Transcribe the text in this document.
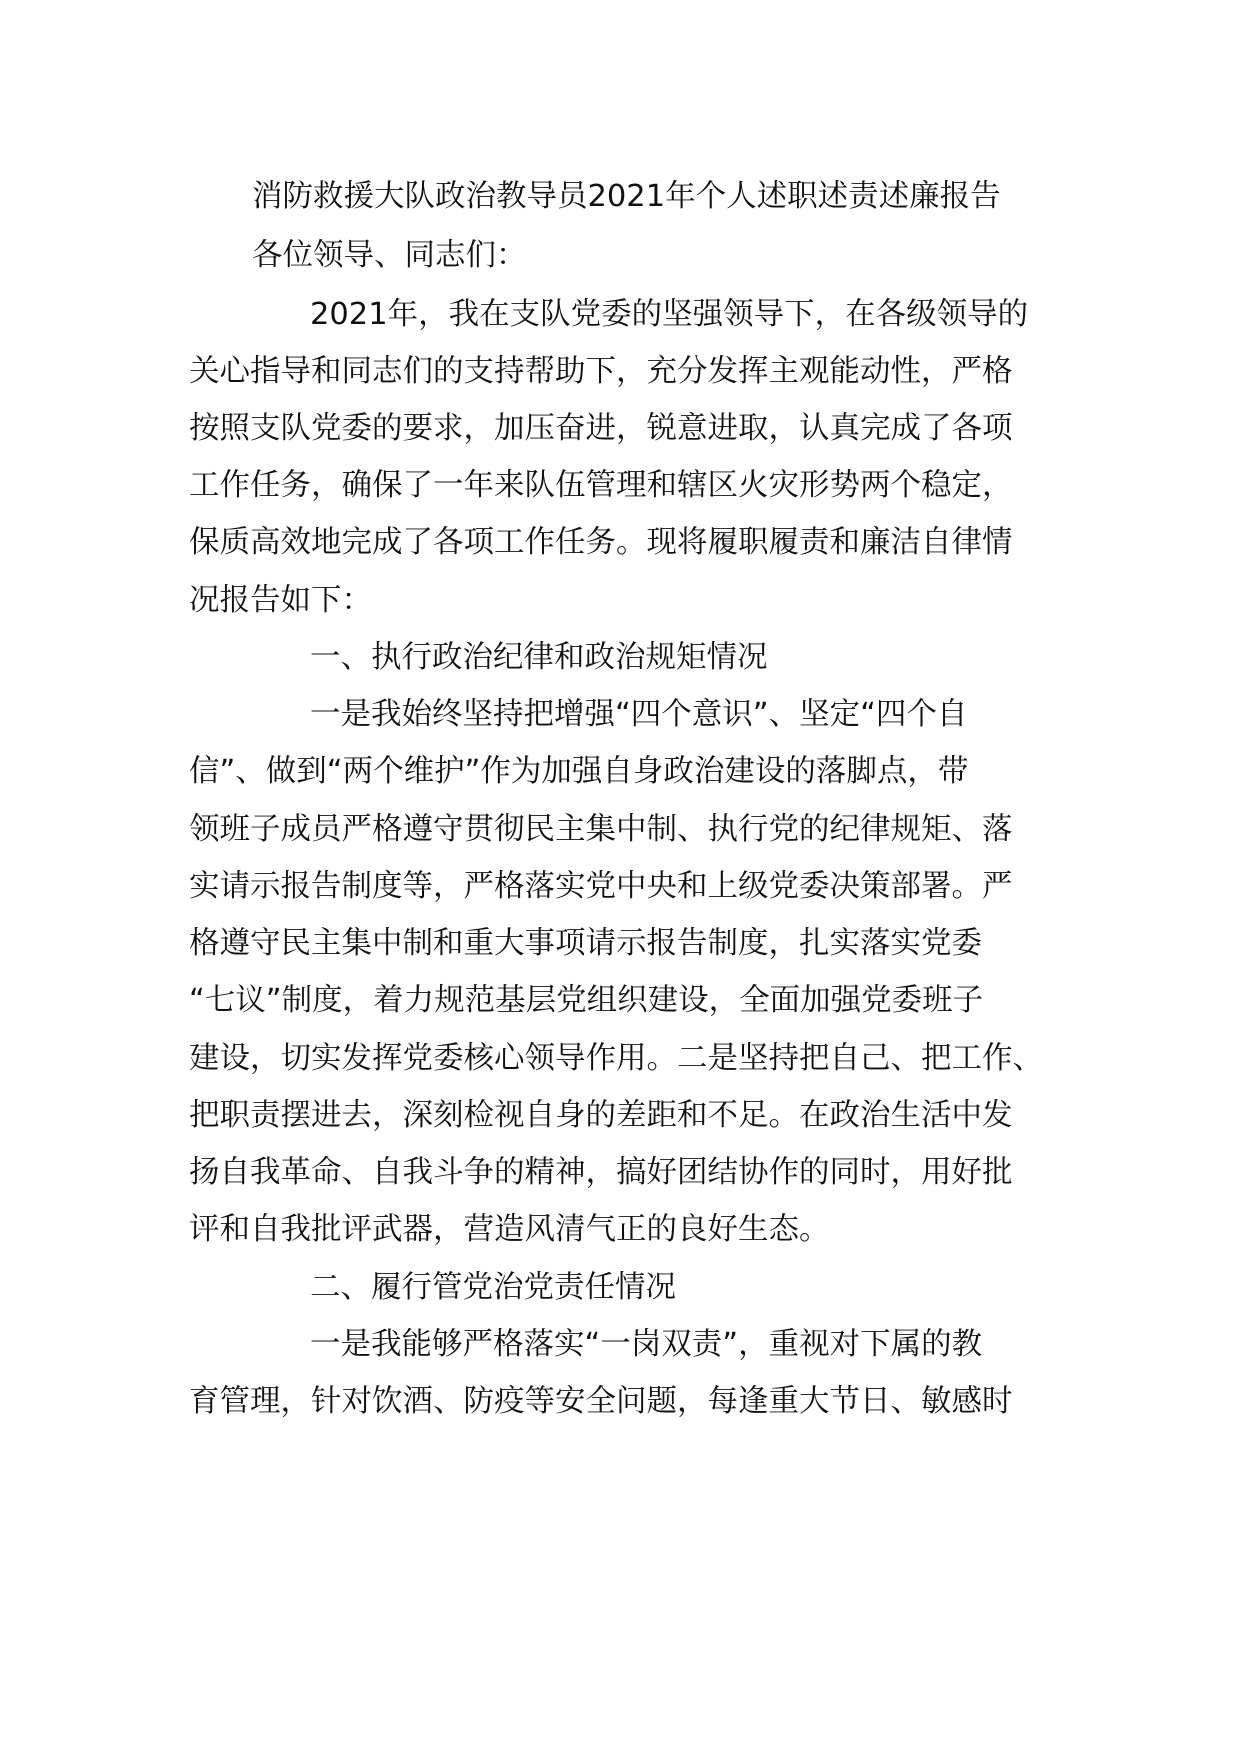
消防救援大队政治教导员2021年个人述职述责述廉报告
各位领导、同志们：
2021年，我在支队党委的坚强领导下，在各级领导的
关心指导和同志们的支持帮助下，充分发挥主观能动性，严格
按照支队党委的要求，加压奋进，锐意进取，认真完成了各项
工作任务，确保了一年来队伍管理和辖区火灾形势两个稳定，
保质高效地完成了各项工作任务。现将履职履责和廉洁自律情
况报告如下：
一、执行政治纪律和政治规矩情况
一是我始终坚持把增强“四个意识”、坚定“四个自
信”、做到“两个维护”作为加强自身政治建设的落脚点，带
领班子成员严格遵守贯彻民主集中制、执行党的纪律规矩、落
实请示报告制度等，严格落实党中央和上级党委决策部署。严
格遵守民主集中制和重大事项请示报告制度，扎实落实党委
“七议”制度，着力规范基层党组织建设，全面加强党委班子
建设，切实发挥党委核心领导作用。二是坚持把自己、把工作、
把职责摆进去，深刻检视自身的差距和不足。在政治生活中发
扬自我革命、自我斗争的精神，搞好团结协作的同时，用好批
评和自我批评武器，营造风清气正的良好生态。
二、履行管党治党责任情况
一是我能够严格落实“一岗双责”，重视对下属的教
育管理，针对饮酒、防疫等安全问题，每逢重大节日、敏感时
